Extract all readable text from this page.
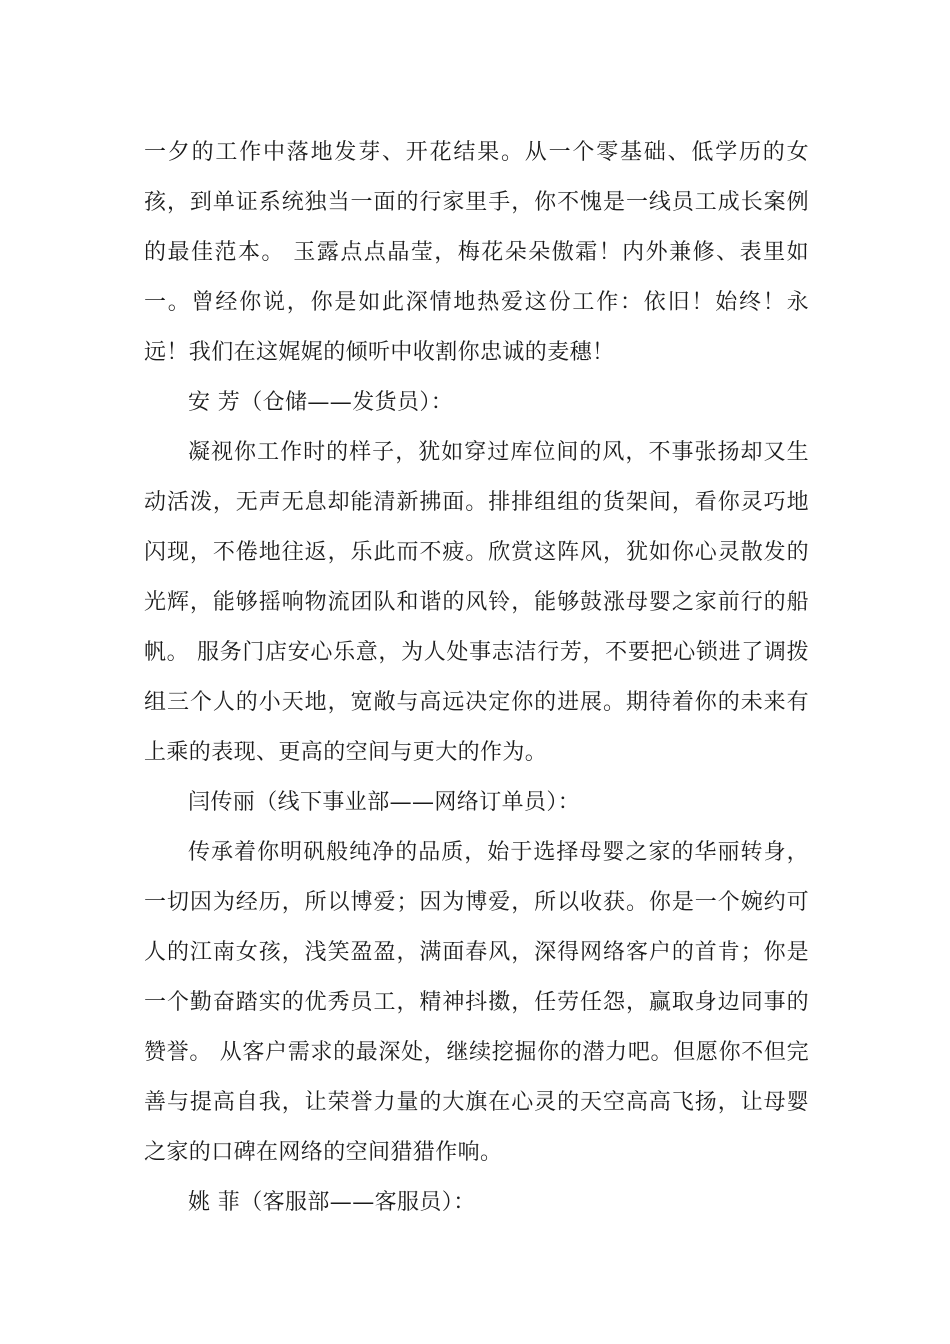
一夕的工作中落地发芽、开花结果。从一个零基础、低学历的女孩，到单证系统独当一面的行家里手，你不愧是一线员工成长案例的最佳范本。 玉露点点晶莹，梅花朵朵傲霜！内外兼修、表里如一。曾经你说，你是如此深情地热爱这份工作：依旧！始终！永远！我们在这娓娓的倾听中收割你忠诚的麦穗！

安 芳（仓储——发货员）：

凝视你工作时的样子，犹如穿过库位间的风，不事张扬却又生动活泼，无声无息却能清新拂面。排排组组的货架间，看你灵巧地闪现，不倦地往返，乐此而不疲。欣赏这阵风，犹如你心灵散发的光辉，能够摇响物流团队和谐的风铃，能够鼓涨母婴之家前行的船帆。 服务门店安心乐意，为人处事志洁行芳，不要把心锁进了调拨组三个人的小天地，宽敞与高远决定你的进展。期待着你的未来有上乘的表现、更高的空间与更大的作为。

闫传丽（线下事业部——网络订单员）：

传承着你明矾般纯净的品质，始于选择母婴之家的华丽转身，一切因为经历，所以博爱；因为博爱，所以收获。你是一个婉约可人的江南女孩，浅笑盈盈，满面春风，深得网络客户的首肯；你是一个勤奋踏实的优秀员工，精神抖擞，任劳任怨，赢取身边同事的赞誉。 从客户需求的最深处，继续挖掘你的潜力吧。但愿你不但完善与提高自我，让荣誉力量的大旗在心灵的天空高高飞扬，让母婴之家的口碑在网络的空间猎猎作响。

姚 菲（客服部——客服员）：
